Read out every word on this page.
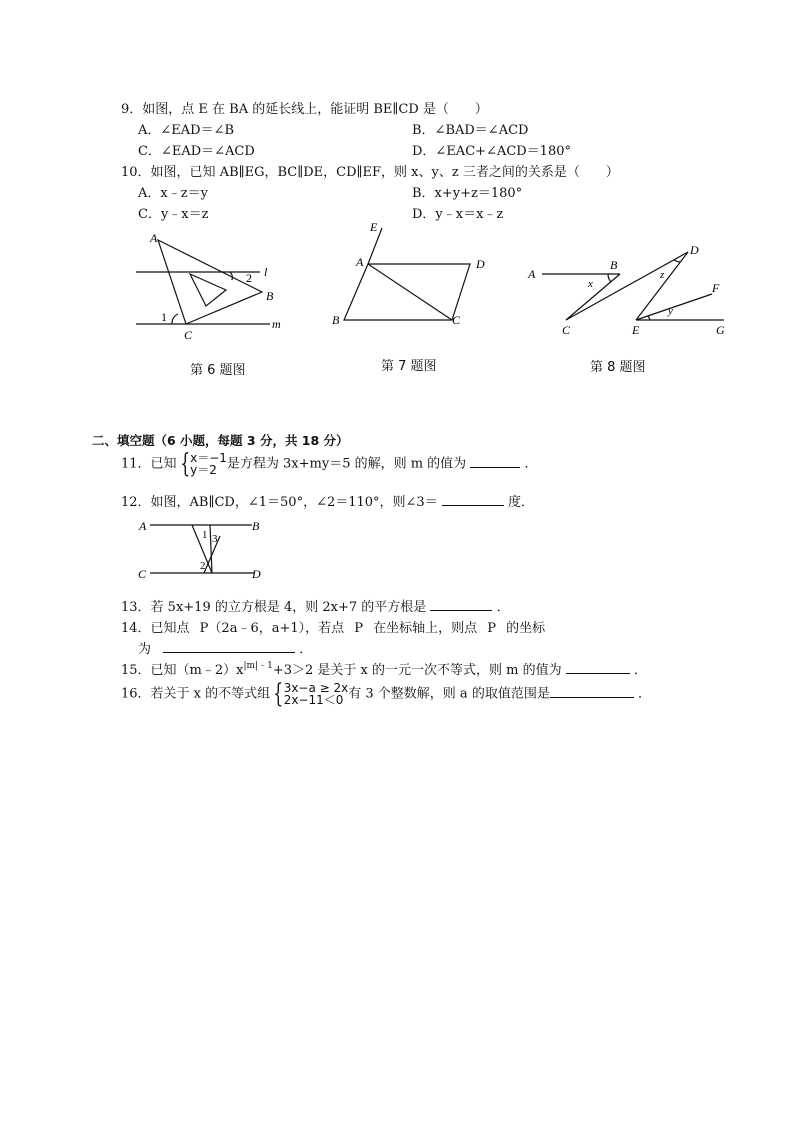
9．如图，点 E 在 BA 的延长线上，能证明 BE∥CD 是（　　）
A．∠EAD＝∠B	B．∠BAD＝∠ACD
C．∠EAD＝∠ACD	D．∠EAC+∠ACD＝180°
10．如图，已知 AB∥EG，BC∥DE，CD∥EF，则 x、y、z 三者之间的关系是（　　）
A．x﹣z＝y	B．x+y+z＝180°
C．y﹣x＝z	D．y﹣x＝x﹣z
A
B
C
l
m
1
2
第 6 题图
E
A	D
B	C
第 7 题图
A
B
C
D
E
F
G
x
y
z
第 8 题图
二、填空题（6 小题，每题 3 分，共 18 分）
11．已知 {x＝−1
y＝2 是方程为 3x+my＝5 的解，则 m 的值为	．
12．如图，AB∥CD，∠1＝50°，∠2＝110°，则∠3＝	度．
A	B
C	D
1 3
2
13．若 5x+19 的立方根是 4，则 2x+7 的平方根是	．
14．已知点 P（2a﹣6，a+1），若点 P 在坐标轴上，则点 P 的坐标
为	．
15．已知$(m﹣2)x^{|m|﹣1}+3>2$ 是关于 x 的一元一次不等式，则 m 的值为	．
16．若关于 x 的不等式组 {3x−a ≥ 2x
2x−11＜0 有 3 个整数解，则 a 的取值范围是	．
